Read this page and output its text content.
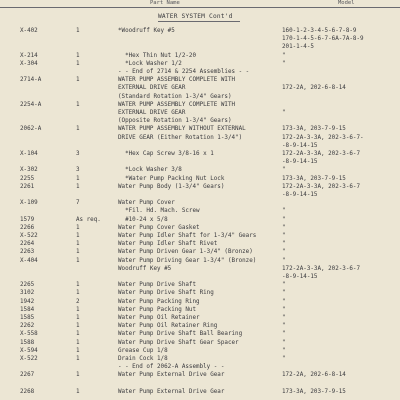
Part Name	Model
WATER SYSTEM Cont'd
X-402	1	*Woodruff Key #5	160-1-2-3-4-5-6-7-8-9
170-1-4-5-6-7-6A-7A-8-9
201-1-4-5
X-214	1	*Hex Thin Nut 1/2-20	"
X-304	1	*Lock Washer 1/2	"
- - End of 2714 & 2254 Assemblies - -
2714-A	1	WATER PUMP ASSEMBLY COMPLETE WITH
EXTERNAL DRIVE GEAR	172-2A, 202-6-8-14
(Standard Rotation 1-3/4" Gears)
2254-A	1	WATER PUMP ASSEMBLY COMPLETE WITH
EXTERNAL DRIVE GEAR	"
(Opposite Rotation 1-3/4" Gears)
2062-A	1	WATER PUMP ASSEMBLY WITHOUT EXTERNAL	173-3A, 203-7-9-15
DRIVE GEAR (Either Rotation 1-3/4")	172-2A-3-3A, 202-3-6-7-
-8-9-14-15
X-104	3	*Hex Cap Screw 3/8-16 x 1	172-2A-3-3A, 202-3-6-7
-8-9-14-15
X-302	3	*Lock Washer 3/8	"
2255	1	*Water Pump Packing Nut Lock	173-3A, 203-7-9-15
2261	1	Water Pump Body (1-3/4" Gears)	172-2A-3-3A, 202-3-6-7
-8-9-14-15
X-109	7	Water Pump Cover
*Fil. Hd. Mach. Screw	"
1579	As req.	#10-24 x 5/8	"
2266	1	Water Pump Cover Gasket	"
X-522	1	Water Pump Idler Shaft for 1-3/4" Gears	"
2264	1	Water Pump Idler Shaft Rivet	"
2263	1	Water Pump Driven Gear 1-3/4" (Bronze)	"
X-404	1	Water Pump Driving Gear 1-3/4" (Bronze)	"
Woodruff Key #5	172-2A-3-3A, 202-3-6-7
-8-9-14-15
2265	1	Water Pump Drive Shaft	"
3102	1	Water Pump Drive Shaft Ring	"
1942	2	Water Pump Packing Ring	"
1584	1	Water Pump Packing Nut	"
1585	1	Water Pump Oil Retainer	"
2262	1	Water Pump Oil Retainer Ring	"
X-558	1	Water Pump Drive Shaft Ball Bearing	"
1588	1	Water Pump Drive Shaft Gear Spacer	"
X-594	1	Grease Cup 1/8	"
X-522	1	Drain Cock 1/8	"
- - End of 2062-A Assembly - -
2267	1	Water Pump External Drive Gear	172-2A, 202-6-8-14
2268	1	Water Pump External Drive Gear	173-3A, 203-7-9-15
